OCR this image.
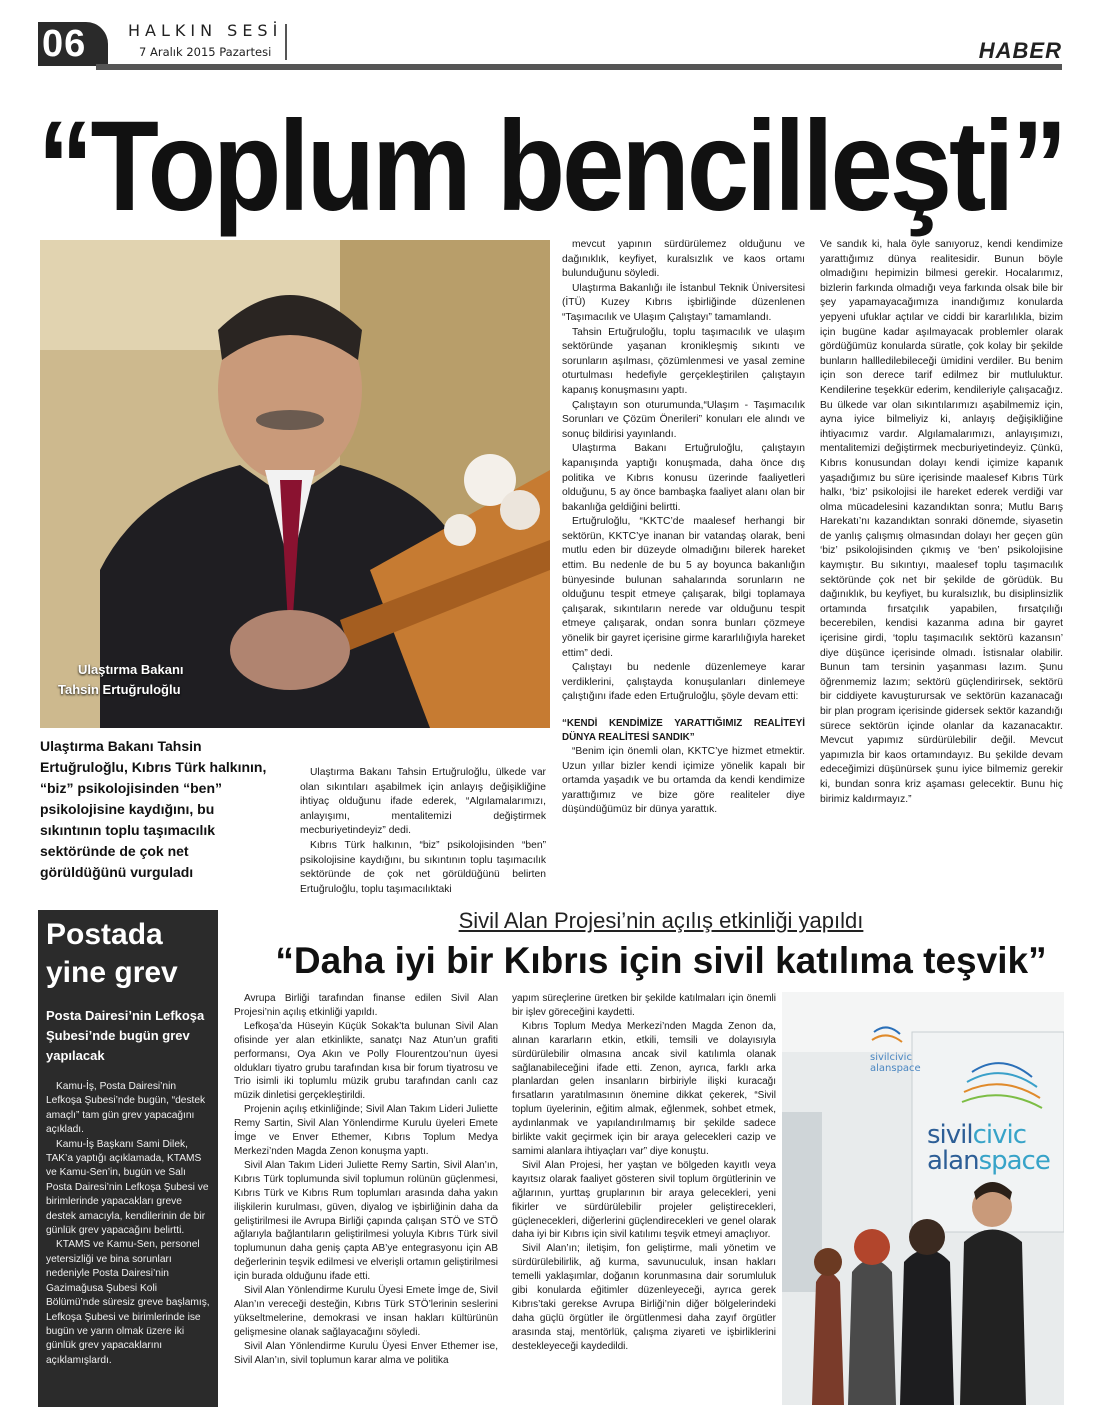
06	HALKIN SESİ
7 Aralık 2015 Pazartesi	HABER
“Toplum bencilleşti”
Ulaştırma Bakanı
Tahsin Ertuğruloğlu
Ulaştırma Bakanı Tahsin Ertuğruloğlu, Kıbrıs Türk halkının, “biz” psikolojisinden “ben” psikolojisine kaydığını, bu sıkıntının toplu taşımacılık sektöründe de çok net görüldüğünü vurguladı

Ulaştırma Bakanı Tahsin Ertuğruloğlu, ülkede var olan sıkıntıları aşabilmek için anlayış değişikliğine ihtiyaç olduğunu ifade ederek, “Algılamalarımızı, anlayışımı, mentalitemizi değiştirmek mecburiyetindeyiz” dedi.

Kıbrıs Türk halkının, “biz” psikolojisinden “ben” psikolojisine kaydığını, bu sıkıntının toplu taşımacılık sektöründe de çok net görüldüğünü belirten Ertuğruloğlu, toplu taşımacılıktaki

mevcut yapının sürdürülemez olduğunu ve dağınıklık, keyfiyet, kuralsızlık ve kaos ortamı bulunduğunu söyledi.

Ulaştırma Bakanlığı ile İstanbul Teknik Üniversitesi (İTÜ) Kuzey Kıbrıs işbirliğinde düzenlenen “Taşımacılık ve Ulaşım Çalıştayı” tamamlandı.

Tahsin Ertuğruloğlu, toplu taşımacılık ve ulaşım sektöründe yaşanan kronikleşmiş sıkıntı ve sorunların aşılması, çözümlenmesi ve yasal zemine oturtulması hedefiyle gerçekleştirilen çalıştayın kapanış konuşmasını yaptı.

Çalıştayın son oturumunda,“Ulaşım - Taşımacılık Sorunları ve Çözüm Önerileri” konuları ele alındı ve sonuç bildirisi yayınlandı.

Ulaştırma Bakanı Ertuğruloğlu, çalıştayın kapanışında yaptığı konuşmada, daha önce dış politika ve Kıbrıs konusu üzerinde faaliyetleri olduğunu, 5 ay önce bambaşka faaliyet alanı olan bir bakanlığa geldiğini belirtti.

Ertuğruloğlu, “KKTC’de maalesef herhangi bir sektörün, KKTC’ye inanan bir vatandaş olarak, beni mutlu eden bir düzeyde olmadığını bilerek hareket ettim. Bu nedenle de bu 5 ay boyunca bakanlığın bünyesinde bulunan sahalarında sorunların ne olduğunu tespit etmeye çalışarak, bilgi toplamaya çalışarak, sıkıntıların nerede var olduğunu tespit etmeye çalışarak, ondan sonra bunları çözmeye yönelik bir gayret içerisine girme kararlılığıyla hareket ettim” dedi.

Çalıştayı bu nedenle düzenlemeye karar verdiklerini, çalıştayda konuşulanları dinlemeye çalıştığını ifade eden Ertuğruloğlu, şöyle devam etti:

“KENDİ KENDİMİZE YARATTIĞIMIZ REALİTEYİ DÜNYA REALİTESİ SANDIK”

“Benim için önemli olan, KKTC’ye hizmet etmektir. Uzun yıllar bizler kendi içimize yönelik kapalı bir ortamda yaşadık ve bu ortamda da kendi kendimize yarattığımız ve bize göre realiteler diye düşündüğümüz bir dünya yarattık.

Ve sandık ki, hala öyle sanıyoruz, kendi kendimize yarattığımız dünya realitesidir. Bunun böyle olmadığını hepimizin bilmesi gerekir. Hocalarımız, bizlerin farkında olmadığı veya farkında olsak bile bir şey yapamayacağımıza inandığımız konularda yepyeni ufuklar açtılar ve ciddi bir kararlılıkla, bizim için bugüne kadar aşılmayacak problemler olarak gördüğümüz konularda süratle, çok kolay bir şekilde bunların hallledilebileceği ümidini verdiler. Bu benim için son derece tarif edilmez bir mutluluktur. Kendilerine teşekkür ederim, kendileriyle çalışacağız. Bu ülkede var olan sıkıntılarımızı aşabilmemiz için, ayna iyice bilmeliyiz ki, anlayış değişikliğine ihtiyacımız vardır. Algılamalarımızı, anlayışımızı, mentalitemizi değiştirmek mecburiyetindeyiz. Çünkü, Kıbrıs konusundan dolayı kendi içimize kapanık yaşadığımız bu süre içerisinde maalesef Kıbrıs Türk halkı, ‘biz’ psikolojisi ile hareket ederek verdiği var olma mücadelesini kazandıktan sonra; Mutlu Barış Harekatı’nı kazandıktan sonraki dönemde, siyasetin de yanlış çalışmış olmasından dolayı her geçen gün ‘biz’ psikolojisinden çıkmış ve ‘ben’ psikolojisine kaymıştır. Bu sıkıntıyı, maalesef toplu taşımacılık sektöründe çok net bir şekilde de görüdük. Bu dağınıklık, bu keyfiyet, bu kuralsızlık, bu disiplinsizlik ortamında fırsatçılık yapabilen, fırsatçılığı becerebilen, kendisi kazanma adına bir gayret içerisine girdi, ‘toplu taşımacılık sektörü kazansın’ diye düşünce içerisinde olmadı. İstisnalar olabilir. Bunun tam tersinin yaşanması lazım. Şunu öğrenmemiz lazım; sektörü güçlendirirsek, sektörü bir ciddiyete kavuşturursak ve sektörün kazanacağı bir plan program içerisinde gidersek sektör kazandığı sürece sektörün içinde olanlar da kazanacaktır. Mevcut yapımız sürdürülebilir değil. Mevcut yapımızla bir kaos ortamındayız. Bu şekilde devam edeceğimizi düşünürsek şunu iyice bilmemiz gerekir ki, bundan sonra kriz aşaması gelecektir. Bunu hiç birimiz kaldırmayız.”

Postada
yine grev
Posta Dairesi’nin Lefkoşa Şubesi’nde bugün grev yapılacak

Kamu-İş, Posta Dairesi’nin Lefkoşa Şubesi’nde bugün, “destek amaçlı” tam gün grev yapacağını açıkladı.

Kamu-İş Başkanı Sami Dilek, TAK’a yaptığı açıklamada, KTAMS ve Kamu-Sen’in, bugün ve Salı Posta Dairesi’nin Lefkoşa Şubesi ve birimlerinde yapacakları greve destek amacıyla, kendilerinin de bir günlük grev yapacağını belirtti.

KTAMS ve Kamu-Sen, personel yetersizliği ve bina sorunları nedeniyle Posta Dairesi’nin Gazimağusa Şubesi Koli Bölümü’nde süresiz greve başlamış, Lefkoşa Şubesi ve birimlerinde ise bugün ve yarın olmak üzere iki günlük grev yapacaklarını açıklamışlardı.

Sivil Alan Projesi’nin açılış etkinliği yapıldı
“Daha iyi bir Kıbrıs için sivil katılıma teşvik”

Avrupa Birliği tarafından finanse edilen Sivil Alan Projesi’nin açılış etkinliği yapıldı.

Lefkoşa’da Hüseyin Küçük Sokak’ta bulunan Sivil Alan ofisinde yer alan etkinlikte, sanatçı Naz Atun’un grafiti performansı, Oya Akın ve Polly Flourentzou’nun üyesi oldukları tiyatro grubu tarafından kısa bir forum tiyatrosu ve Trio isimli iki toplumlu müzik grubu tarafından canlı caz müzik dinletisi gerçekleştirildi.

Projenin açılış etkinliğinde; Sivil Alan Takım Lideri Juliette Remy Sartin, Sivil Alan Yönlendirme Kurulu üyeleri Emete İmge ve Enver Ethemer, Kıbrıs Toplum Medya Merkezi’nden Magda Zenon konuşma yaptı.

Sivil Alan Takım Lideri Juliette Remy Sartin, Sivil Alan’ın, Kıbrıs Türk toplumunda sivil toplumun rolünün güçlenmesi, Kıbrıs Türk ve Kıbrıs Rum toplumları arasında daha yakın ilişkilerin kurulması, güven, diyalog ve işbirliğinin daha da geliştirilmesi ile Avrupa Birliği çapında çalışan STÖ ve STÖ ağlarıyla bağlantıların geliştirilmesi yoluyla Kıbrıs Türk sivil toplumunun daha geniş çapta AB’ye entegrasyonu için AB değerlerinin teşvik edilmesi ve elverişli ortamın geliştirilmesi için burada olduğunu ifade etti.

Sivil Alan Yönlendirme Kurulu Üyesi Emete İmge de, Sivil Alan’ın vereceği desteğin, Kıbrıs Türk STÖ’lerinin seslerini yükseltmelerine, demokrasi ve insan hakları kültürünün gelişmesine olanak sağlayacağını söyledi.

Sivil Alan Yönlendirme Kurulu Üyesi Enver Ethemer ise, Sivil Alan’ın, sivil toplumun karar alma ve politika

yapım süreçlerine üretken bir şekilde katılmaları için önemli bir işlev göreceğini kaydetti.

Kıbrıs Toplum Medya Merkezi’nden Magda Zenon da, alınan kararların etkin, etkili, temsili ve dolayısıyla sürdürülebilir olmasına ancak sivil katılımla olanak sağlanabileceğini ifade etti. Zenon, ayrıca, farklı arka planlardan gelen insanların birbiriyle ilişki kuracağı fırsatların yaratılmasının önemine dikkat çekerek, “Sivil toplum üyelerinin, eğitim almak, eğlenmek, sohbet etmek, aydınlanmak ve yapılandırılmamış bir şekilde sadece birlikte vakit geçirmek için bir araya gelecekleri cazip ve samimi alanlara ihtiyaçları var” diye konuştu.

Sivil Alan Projesi, her yaştan ve bölgeden kayıtlı veya kayıtsız olarak faaliyet gösteren sivil toplum örgütlerinin ve ağlarının, yurttaş gruplarının bir araya gelecekleri, yeni fikirler ve sürdürülebilir projeler geliştirecekleri, güçlenecekleri, diğerlerini güçlendirecekleri ve genel olarak daha iyi bir Kıbrıs için sivil katılımı teşvik etmeyi amaçlıyor.

Sivil Alan’ın; iletişim, fon geliştirme, mali yönetim ve sürdürülebilirlik, ağ kurma, savunuculuk, insan hakları temelli yaklaşımlar, doğanın korunmasına dair sorumluluk gibi konularda eğitimler düzenleyeceği, ayrıca gerek Kıbrıs’taki gerekse Avrupa Birliği’nin diğer bölgelerindeki daha güçlü örgütler ile örgütlenmesi daha zayıf örgütler arasında staj, mentörlük, çalışma ziyareti ve işbirliklerini destekleyeceği kaydedildi.

sivilcivic
alanspace
sivilcivic
alanspace
